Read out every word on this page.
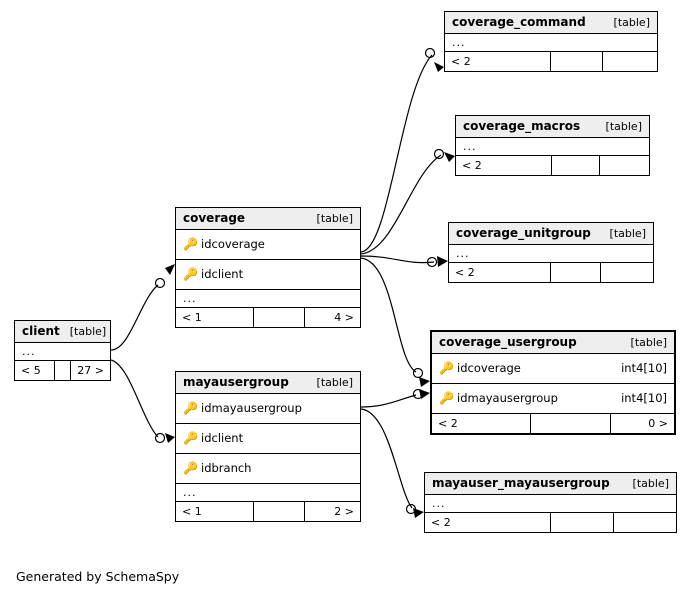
coverage_command	[table]
...
< 2
coverage_macros [table]
...
< 2
coverage_unitgroup [table]
...
< 2
coverage_usergroup	[table]
🔑 idcoverage	int4[10]
🔑 idmayausergroup	int4[10]
< 2	0 >
mayauser_mayausergroup [table]
...
< 2
coverage	[table]
🔑 idcoverage
🔑 idclient
...
< 1	4 >
mayausergroup	[table]
🔑 idmayausergroup
🔑 idclient
🔑 idbranch
...
< 1	2 >
client [table]
...
< 5	27 >
Generated by SchemaSpy
